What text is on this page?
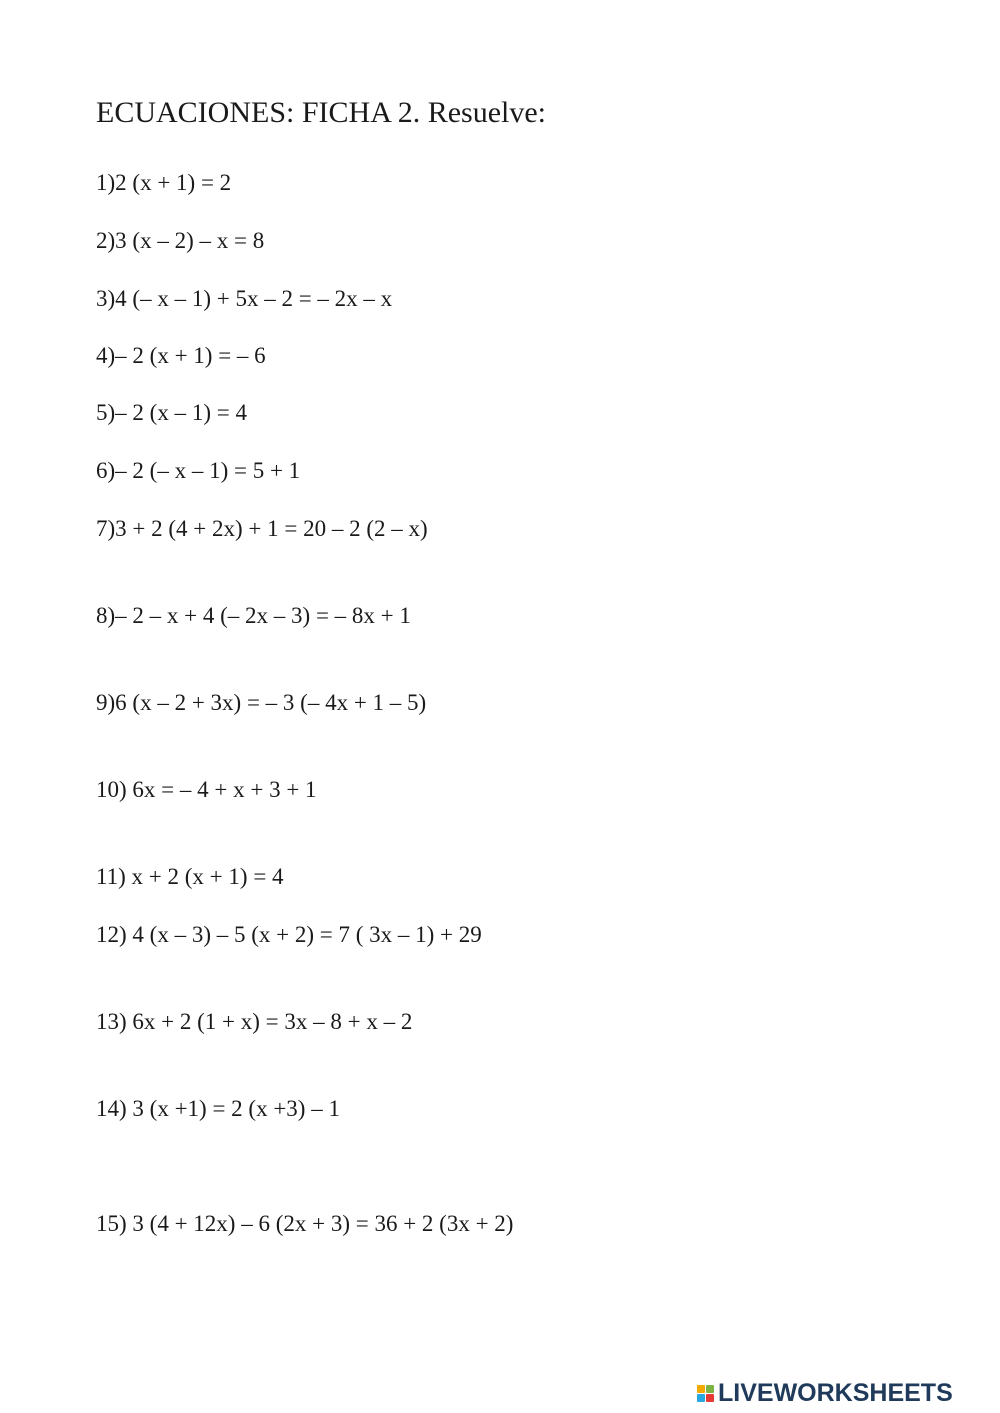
ECUACIONES: FICHA 2. Resuelve:
1)2 (x + 1) = 2
2)3 (x – 2) – x = 8
3)4 (– x – 1) + 5x – 2 = – 2x – x
4)– 2 (x + 1) = – 6
5)– 2 (x – 1) = 4
6)– 2 (– x – 1) = 5 + 1
7)3 + 2 (4 + 2x) + 1 = 20 – 2 (2 – x)
8)– 2 – x + 4 (– 2x – 3) = – 8x + 1
9)6 (x – 2 + 3x) = – 3 (– 4x + 1 – 5)
10) 6x = – 4 + x + 3 + 1
11) x + 2 (x + 1) = 4
12) 4 (x – 3) – 5 (x + 2) = 7 ( 3x – 1) + 29
13) 6x + 2 (1 + x) = 3x – 8 + x – 2
14) 3 (x +1) = 2 (x +3) – 1
15) 3 (4 + 12x) – 6 (2x + 3) = 36 + 2 (3x + 2)
LIVEWORKSHEETS
